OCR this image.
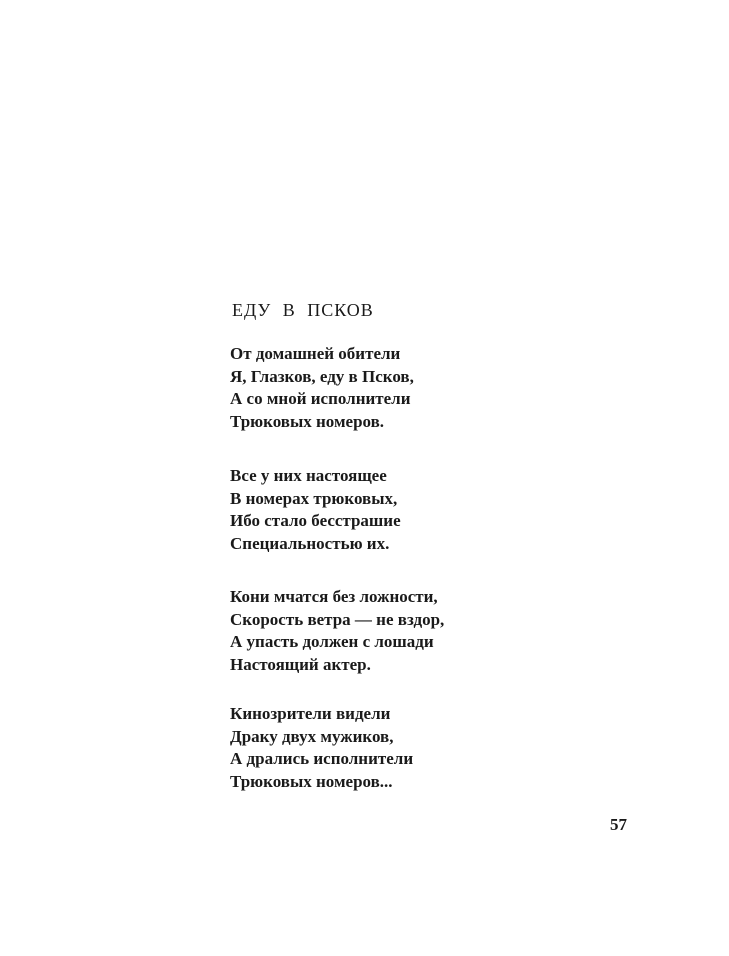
ЕДУ В ПСКОВ
От домашней обители
Я, Глазков, еду в Псков,
А со мной исполнители
Трюковых номеров.
Все у них настоящее
В номерах трюковых,
Ибо стало бесстрашие
Специальностью их.
Кони мчатся без ложности,
Скорость ветра — не вздор,
А упасть должен с лошади
Настоящий актер.
Кинозрители видели
Драку двух мужиков,
А дрались исполнители
Трюковых номеров...

57
